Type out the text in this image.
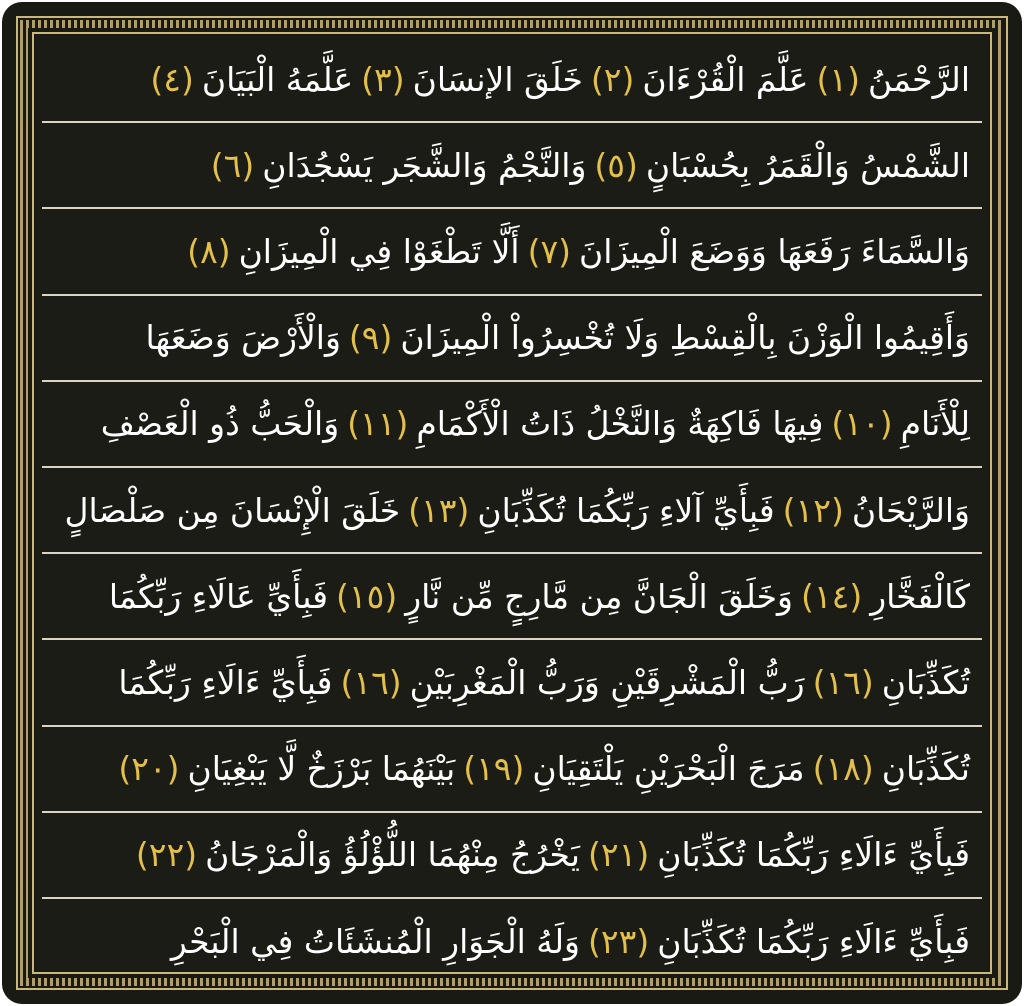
الرَّحْمَنُ
(١)
عَلَّمَ الْقُرْءَانَ
(٢)
خَلَقَ الإنسَانَ
(٣)
عَلَّمَهُ الْبَيَانَ
(٤)
الشَّمْسُ وَالْقَمَرُ بِحُسْبَانٍ
(٥)
وَالنَّجْمُ وَالشَّجَر يَسْجُدَانِ
(٦)
وَالسَّمَاءَ رَفَعَهَا وَوَضَعَ الْمِيزَانَ
(٧)
أَلَّا تَطْغَوْا فِي الْمِيزَانِ
(٨)
وَأَقِيمُوا الْوَزْنَ بِالْقِسْطِ وَلَا تُخْسِرُواْ الْمِيزَانَ
(٩)
وَالْأَرْضَ وَضَعَهَا
لِلْأَنَامِ
(١٠)
فِيهَا فَاكِهَةٌ وَالنَّخْلُ ذَاتُ الْأَكْمَامِ
(١١)
وَالْحَبُّ ذُو الْعَصْفِ
وَالرَّيْحَانُ
(١٢)
فَبِأَيِّ آلاءِ رَبِّكُمَا تُكَذِّبَانِ
(١٣)
خَلَقَ الْإِنْسَانَ مِن صَلْصَالٍ
كَالْفَخَّارِ
(١٤)
وَخَلَقَ الْجَانَّ مِن مَّارِجٍ مِّن نَّارٍ
(١٥)
فَبِأَيِّ عَالَاءِ رَبِّكُمَا
تُكَذِّبَانِ
(١٦)
رَبُّ الْمَشْرِقَيْنِ وَرَبُّ الْمَغْرِبَيْنِ
(١٦)
فَبِأَيِّ ءَالَاءِ رَبِّكُمَا
تُكَذِّبَانِ
(١٨)
مَرَجَ الْبَحْرَيْنِ يَلْتَقِيَانِ
(١٩)
بَيْنَهُمَا بَرْزَخٌ لَّا يَبْغِيَانِ
(٢٠)
فَبِأَيِّ ءَالَاءِ رَبِّكُمَا تُكَذِّبَانِ
(٢١)
يَخْرُجُ مِنْهُمَا اللُّؤْلُؤُ وَالْمَرْجَانُ
(٢٢)
فَبِأَيِّ ءَالَاءِ رَبِّكُمَا تُكَذِّبَانِ
(٢٣)
وَلَهُ الْجَوَارِ الْمُنشَئَاتُ فِي الْبَحْرِ
